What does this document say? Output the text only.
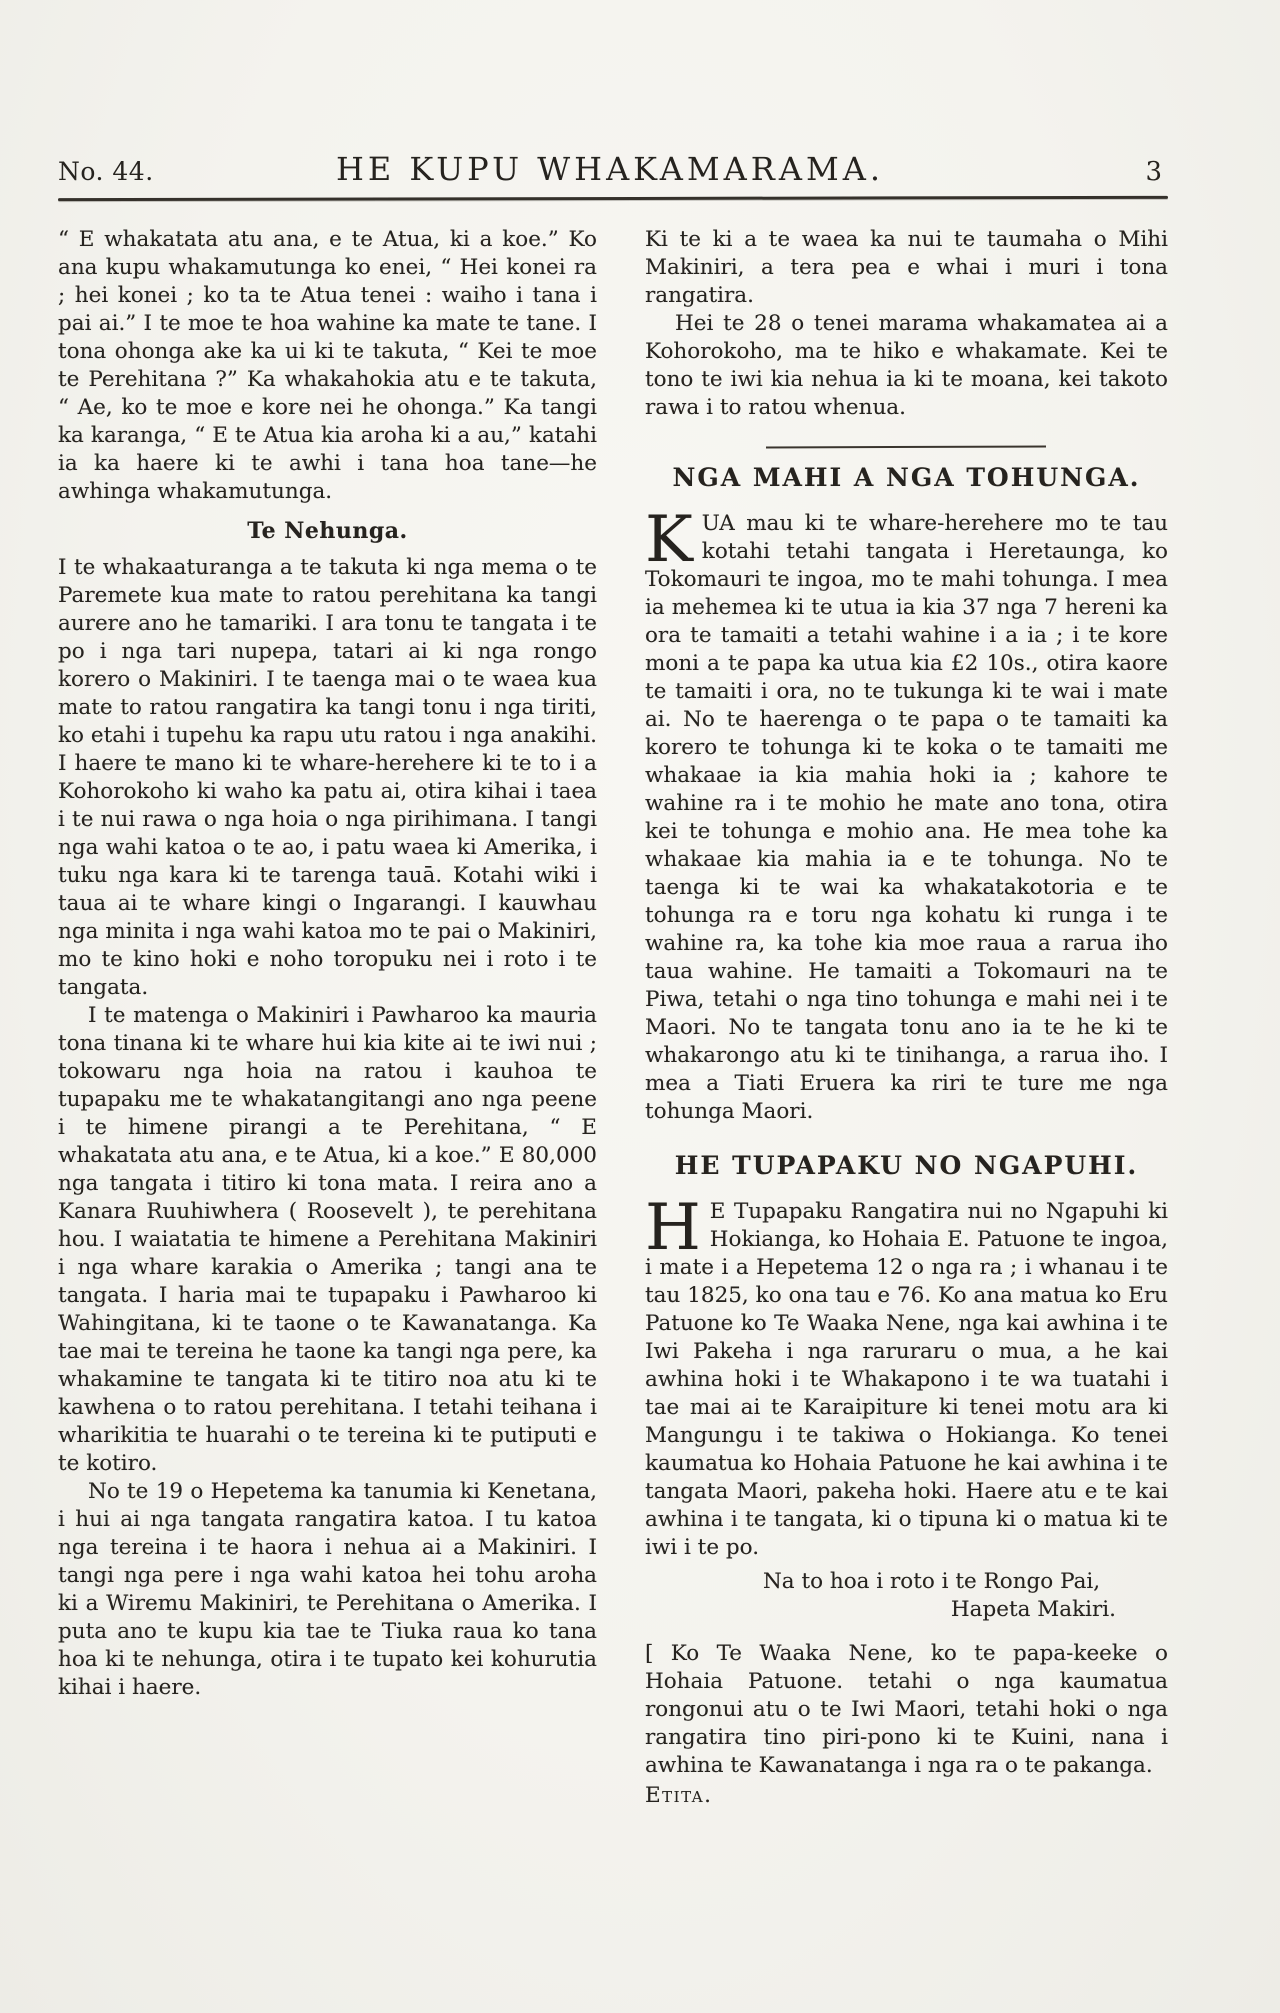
No. 44.	HE KUPU WHAKAMARAMA.	3

“ E whakatata atu ana, e te Atua, ki a koe.” Ko ana kupu whakamutunga ko enei, “ Hei konei ra ; hei konei ; ko ta te Atua tenei : waiho i tana i pai ai.” I te moe te hoa wahine ka mate te tane. I tona ohonga ake ka ui ki te takuta, “ Kei te moe te Perehitana ?” Ka whakahokia atu e te takuta, “ Ae, ko te moe e kore nei he ohonga.” Ka tangi ka karanga, “ E te Atua kia aroha ki a au,” katahi ia ka haere ki te awhi i tana hoa tane—he awhinga whakamutunga.

Te Nehunga.

I te whakaaturanga a te takuta ki nga mema o te Paremete kua mate to ratou perehitana ka tangi aurere ano he tamariki. I ara tonu te tangata i te po i nga tari nupepa, tatari ai ki nga rongo korero o Makiniri. I te taenga mai o te waea kua mate to ratou rangatira ka tangi tonu i nga tiriti, ko etahi i tupehu ka rapu utu ratou i nga anakihi. I haere te mano ki te whare-herehere ki te to i a Kohorokoho ki waho ka patu ai, otira kihai i taea i te nui rawa o nga hoia o nga pirihimana. I tangi nga wahi katoa o te ao, i patu waea ki Amerika, i tuku nga kara ki te tarenga tauā. Kotahi wiki i taua ai te whare kingi o Ingarangi. I kauwhau nga minita i nga wahi katoa mo te pai o Makiniri, mo te kino hoki e noho toropuku nei i roto i te tangata.

I te matenga o Makiniri i Pawharoo ka mauria tona tinana ki te whare hui kia kite ai te iwi nui ; tokowaru nga hoia na ratou i kauhoa te tupapaku me te whakatangitangi ano nga peene i te himene pirangi a te Perehitana, “ E whakatata atu ana, e te Atua, ki a koe.” E 80,000 nga tangata i titiro ki tona mata. I reira ano a Kanara Ruuhiwhera ( Roosevelt ), te perehitana hou. I waiatatia te himene a Perehitana Makiniri i nga whare karakia o Amerika ; tangi ana te tangata. I haria mai te tupapaku i Pawharoo ki Wahingitana, ki te taone o te Kawanatanga. Ka tae mai te tereina he taone ka tangi nga pere, ka whakamine te tangata ki te titiro noa atu ki te kawhena o to ratou perehitana. I tetahi teihana i wharikitia te huarahi o te tereina ki te putiputi e te kotiro.

No te 19 o Hepetema ka tanumia ki Kenetana, i hui ai nga tangata rangatira katoa. I tu katoa nga tereina i te haora i nehua ai a Makiniri. I tangi nga pere i nga wahi katoa hei tohu aroha ki a Wiremu Makiniri, te Perehitana o Amerika. I puta ano te kupu kia tae te Tiuka raua ko tana hoa ki te nehunga, otira i te tupato kei kohurutia kihai i haere.

Ki te ki a te waea ka nui te taumaha o Mihi Makiniri, a tera pea e whai i muri i tona rangatira.

Hei te 28 o tenei marama whakamatea ai a Kohorokoho, ma te hiko e whakamate. Kei te tono te iwi kia nehua ia ki te moana, kei takoto rawa i to ratou whenua.

NGA MAHI A NGA TOHUNGA.

KUA mau ki te whare-herehere mo te tau kotahi tetahi tangata i Heretaunga, ko Tokomauri te ingoa, mo te mahi tohunga. I mea ia mehemea ki te utua ia kia 37 nga 7 hereni ka ora te tamaiti a tetahi wahine i a ia ; i te kore moni a te papa ka utua kia £2 10s., otira kaore te tamaiti i ora, no te tukunga ki te wai i mate ai. No te haerenga o te papa o te tamaiti ka korero te tohunga ki te koka o te tamaiti me whakaae ia kia mahia hoki ia ; kahore te wahine ra i te mohio he mate ano tona, otira kei te tohunga e mohio ana. He mea tohe ka whakaae kia mahia ia e te tohunga. No te taenga ki te wai ka whakatakotoria e te tohunga ra e toru nga kohatu ki runga i te wahine ra, ka tohe kia moe raua a rarua iho taua wahine. He tamaiti a Tokomauri na te Piwa, tetahi o nga tino tohunga e mahi nei i te Maori. No te tangata tonu ano ia te he ki te whakarongo atu ki te tinihanga, a rarua iho. I mea a Tiati Eruera ka riri te ture me nga tohunga Maori.

HE TUPAPAKU NO NGAPUHI.

H E Tupapaku Rangatira nui no Ngapuhi ki Hokianga, ko Hohaia E. Patuone te ingoa, i mate i a Hepetema 12 o nga ra ; i whanau i te tau 1825, ko ona tau e 76. Ko ana matua ko Eru Patuone ko Te Waaka Nene, nga kai awhina i te Iwi Pakeha i nga raruraru o mua, a he kai awhina hoki i te Whakapono i te wa tuatahi i tae mai ai te Karaipiture ki tenei motu ara ki Mangungu i te takiwa o Hokianga. Ko tenei kaumatua ko Hohaia Patuone he kai awhina i te tangata Maori, pakeha hoki. Haere atu e te kai awhina i te tangata, ki o tipuna ki o matua ki te iwi i te po.

Na to hoa i roto i te Rongo Pai,

Hapeta Makiri.

[ Ko Te Waaka Nene, ko te papa-keeke o Hohaia Patuone. tetahi o nga kaumatua rongonui atu o te Iwi Maori, tetahi hoki o nga rangatira tino piri-pono ki te Kuini, nana i awhina te Kawanatanga i nga ra o te pakanga.

Etita.
